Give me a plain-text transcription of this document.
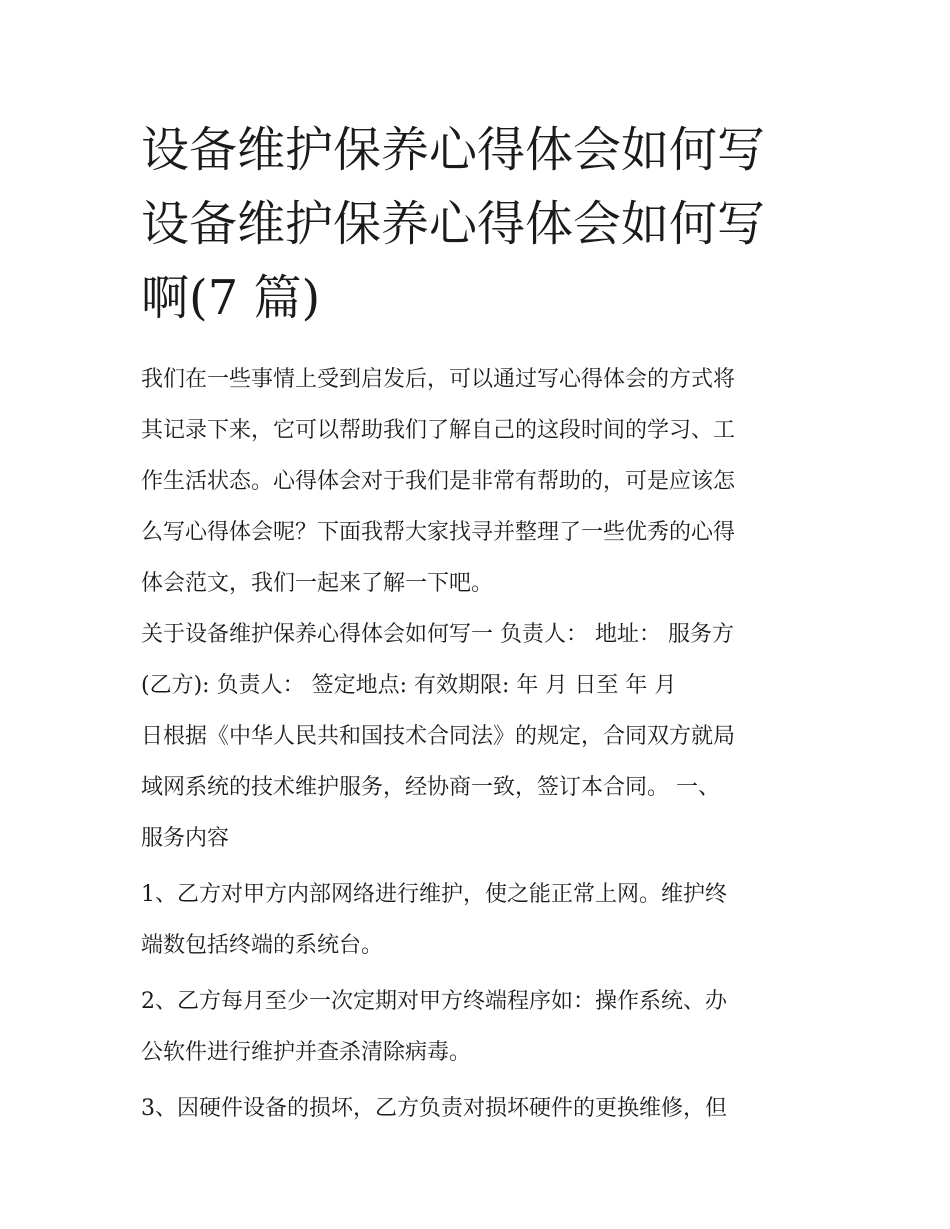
设备维护保养心得体会如何写
设备维护保养心得体会如何写
啊(7 篇)

我们在一些事情上受到启发后，可以通过写心得体会的方式将

其记录下来，它可以帮助我们了解自己的这段时间的学习、工

作生活状态。心得体会对于我们是非常有帮助的，可是应该怎

么写心得体会呢？下面我帮大家找寻并整理了一些优秀的心得

体会范文，我们一起来了解一下吧。

关于设备维护保养心得体会如何写一 负责人： 地址： 服务方

(乙方): 负责人： 签定地点: 有效期限: 年 月 日至 年 月

日根据《中华人民共和国技术合同法》的规定，合同双方就局

域网系统的技术维护服务，经协商一致，签订本合同。 一、

服务内容

1、乙方对甲方内部网络进行维护，使之能正常上网。维护终

端数包括终端的系统台。

2、乙方每月至少一次定期对甲方终端程序如：操作系统、办

公软件进行维护并查杀清除病毒。

3、因硬件设备的损坏，乙方负责对损坏硬件的更换维修，但
